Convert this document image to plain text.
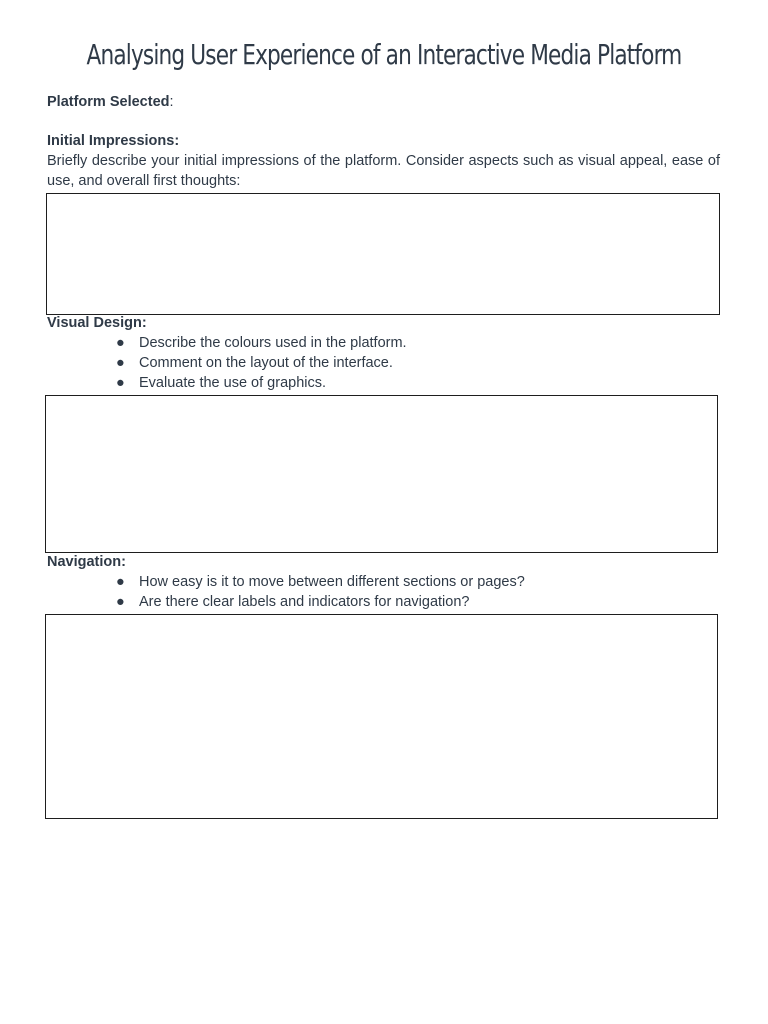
Analysing User Experience of an Interactive Media Platform
Platform Selected:
Initial Impressions:
Briefly describe your initial impressions of the platform. Consider aspects such as visual appeal, ease of use, and overall first thoughts:
Visual Design:
● Describe the colours used in the platform.
● Comment on the layout of the interface.
● Evaluate the use of graphics.
Navigation:
● How easy is it to move between different sections or pages?
● Are there clear labels and indicators for navigation?
